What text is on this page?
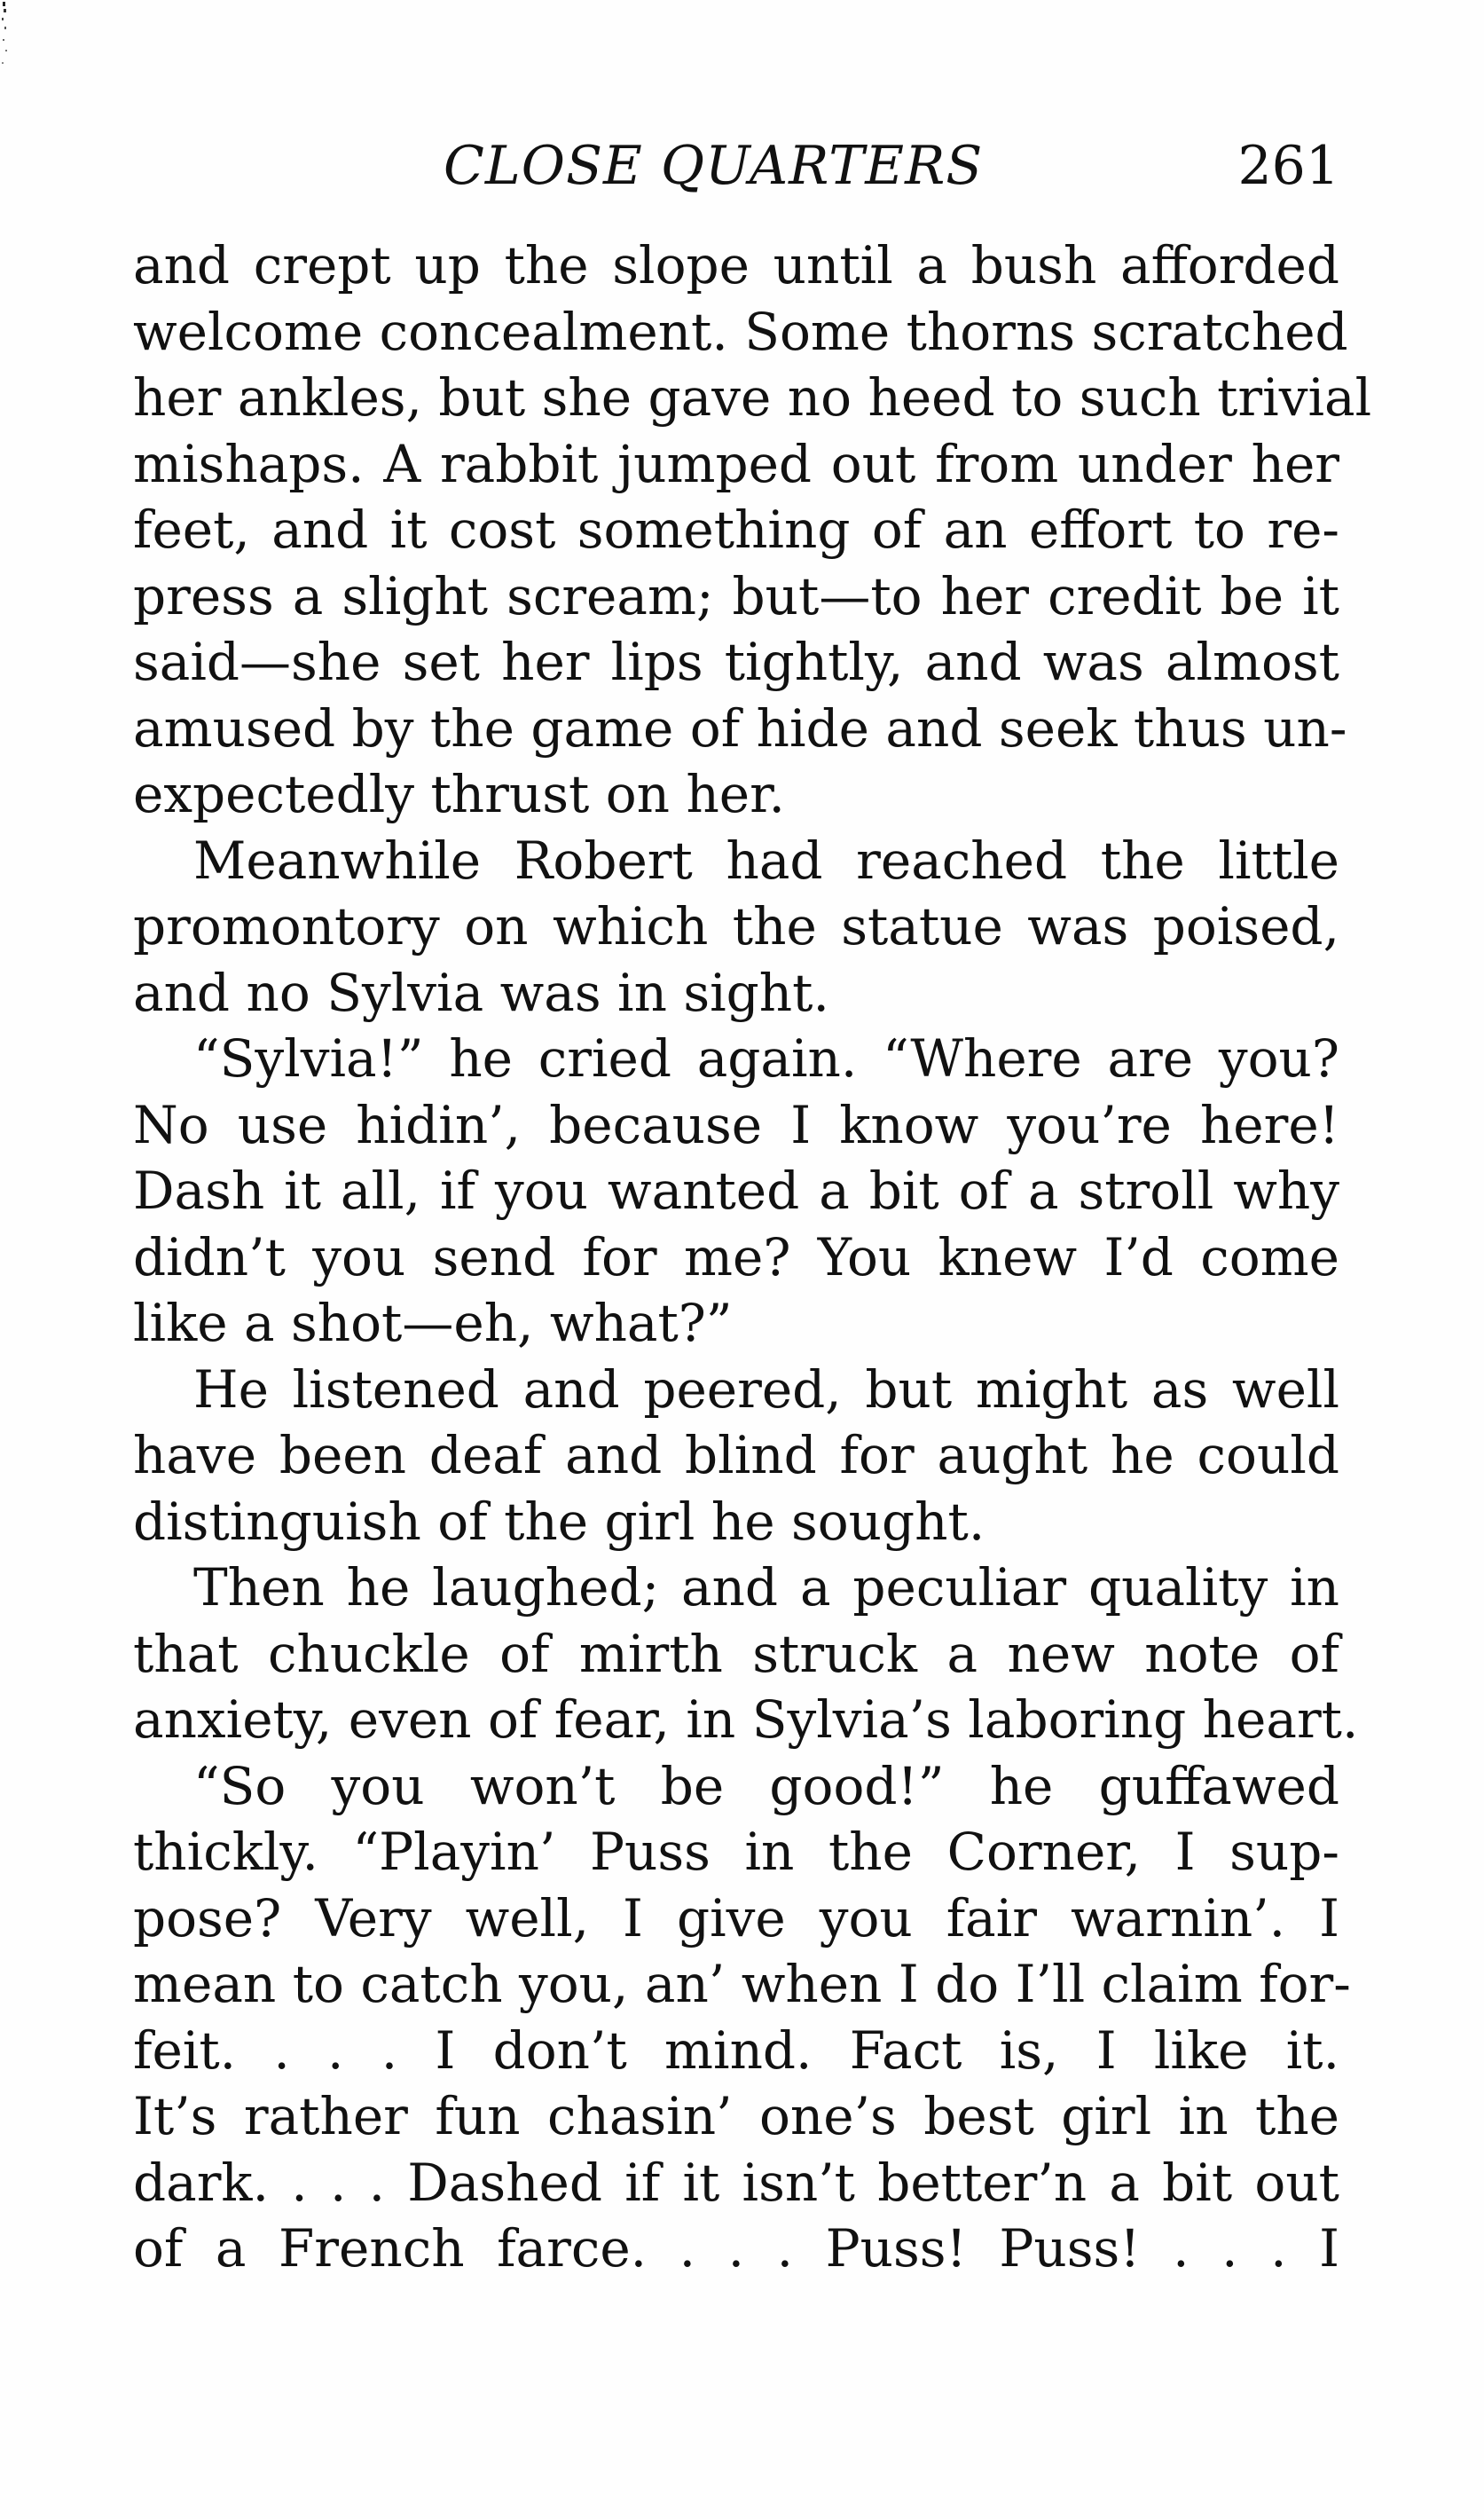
CLOSE QUARTERS	261
and crept up the slope until a bush afforded
welcome concealment. Some thorns scratched
her ankles, but she gave no heed to such trivial
mishaps. A rabbit jumped out from under her
feet, and it cost something of an effort to re-
press a slight scream; but—to her credit be it
said—she set her lips tightly, and was almost
amused by the game of hide and seek thus un-
expectedly thrust on her.
Meanwhile Robert had reached the little
promontory on which the statue was poised,
and no Sylvia was in sight.
“Sylvia!” he cried again. “Where are you?
No use hidin’, because I know you’re here!
Dash it all, if you wanted a bit of a stroll why
didn’t you send for me? You knew I’d come
like a shot—eh, what?”
He listened and peered, but might as well
have been deaf and blind for aught he could
distinguish of the girl he sought.
Then he laughed; and a peculiar quality in
that chuckle of mirth struck a new note of
anxiety, even of fear, in Sylvia’s laboring heart.
“So you won’t be good!” he guffawed
thickly. “Playin’ Puss in the Corner, I sup-
pose? Very well, I give you fair warnin’. I
mean to catch you, an’ when I do I’ll claim for-
feit. . . . I don’t mind. Fact is, I like it.
It’s rather fun chasin’ one’s best girl in the
dark. . . . Dashed if it isn’t better’n a bit out
of a French farce. . . . Puss! Puss! . . . I
